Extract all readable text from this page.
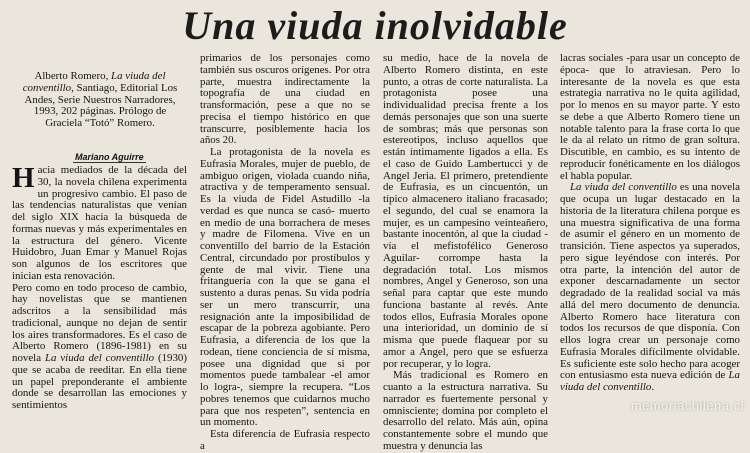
Una viuda inolvidable
Alberto Romero, La viuda del conventillo, Santiago, Editorial Los Andes, Serie Nuestros Narradores, 1993, 202 páginas. Prólogo de Graciela “Totó” Romero.
Mariano Aguirre

Hacia mediados de la década del 30, la novela chilena experimenta un progresivo cambio. El paso de las tendencias naturalistas que venían del siglo XIX hacia la búsqueda de formas nuevas y más experimentales en la estructura del género. Vicente Huidobro, Juan Emar y Manuel Rojas son algunos de los escritores que inician esta renovación.

Pero como en todo proceso de cambio, hay novelistas que se mantienen adscritos a la sensibilidad más tradicional, aunque no dejan de sentir los aires transformadores. Es el caso de Alberto Romero (1896-1981) en su novela La viuda del conventillo (1930) que se acaba de reeditar. En ella tiene un papel preponderante el ambiente donde se desarrollan las emociones y sentimientos

primarios de los personajes como también sus oscuros orígenes. Por otra parte, muestra indirectamente la topografía de una ciudad en transformación, pese a que no se precisa el tiempo histórico en que transcurre, posiblemente hacia los años 20.

La protagonista de la novela es Eufrasia Morales, mujer de pueblo, de ambiguo origen, violada cuando niña, atractiva y de temperamento sensual. Es la viuda de Fidel Astudillo -la verdad es que nunca se casó- muerto en medio de una borrachera de meses y madre de Filomena. Vive en un conventillo del barrio de la Estación Central, circundado por prostíbulos y gente de mal vivir. Tiene una fritanguería con la que se gana el sustento a duras penas. Su vida podría ser un mero transcurrir, una resignación ante la imposibilidad de escapar de la pobreza agobiante. Pero Eufrasia, a diferencia de los que la rodean, tiene conciencia de sí misma, posee una dignidad que si por momentos puede tambalear -el amor lo logra-, siempre la recupera. “Los pobres tenemos que cuidarnos mucho para que nos respeten”, sentencia en un momento.

Esta diferencia de Eufrasia respecto a

su medio, hace de la novela de Alberto Romero distinta, en este punto, a otras de corte naturalista. La protagonista posee una individualidad precisa frente a los demás personajes que son una suerte de sombras; más que personas son estereotipos, incluso aquellos que están íntimamente ligados a ella. Es el caso de Guido Lambertucci y de Angel Jeria. El primero, pretendiente de Eufrasia, es un cincuentón, un típico almacenero italiano fracasado; el segundo, del cual se enamora la mujer, es un campesino veinteañero, bastante inocentón, al que la ciudad -vía el mefistofélico Generoso Aguilar- corrompe hasta la degradación total. Los mismos nombres, Angel y Generoso, son una señal para captar que este mundo funciona bastante al revés. Ante todos ellos, Eufrasia Morales opone una interioridad, un dominio de sí misma que puede flaquear por su amor a Angel, pero que se esfuerza por recuperar, y lo logra.

Más tradicional es Romero en cuanto a la estructura narrativa. Su narrador es fuertemente personal y omnisciente; domina por completo el desarrollo del relato. Más aún, opina constantemente sobre el mundo que muestra y denuncia las

lacras sociales -para usar un concepto de época- que lo atraviesan. Pero lo interesante de la novela es que esta estrategia narrativa no le quita agilidad, por lo menos en su mayor parte. Y esto se debe a que Alberto Romero tiene un notable talento para la frase corta lo que le da al relato un ritmo de gran soltura. Discutible, en cambio, es su intento de reproducir fonéticamente en los diálogos el habla popular.

La viuda del conventillo es una novela que ocupa un lugar destacado en la historia de la literatura chilena porque es una muestra significativa de una forma de asumir el género en un momento de transición. Tiene aspectos ya superados, pero sigue leyéndose con interés. Por otra parte, la intención del autor de exponer descarnadamente un sector degradado de la realidad social va más allá del mero documento de denuncia. Alberto Romero hace literatura con todos los recursos de que disponía. Con ellos logra crear un personaje como Eufrasia Morales difícilmente olvidable. Es suficiente este solo hecho para acoger con entusiasmo esta nueva edición de La viuda del conventillo.

memoriachilena.cl
